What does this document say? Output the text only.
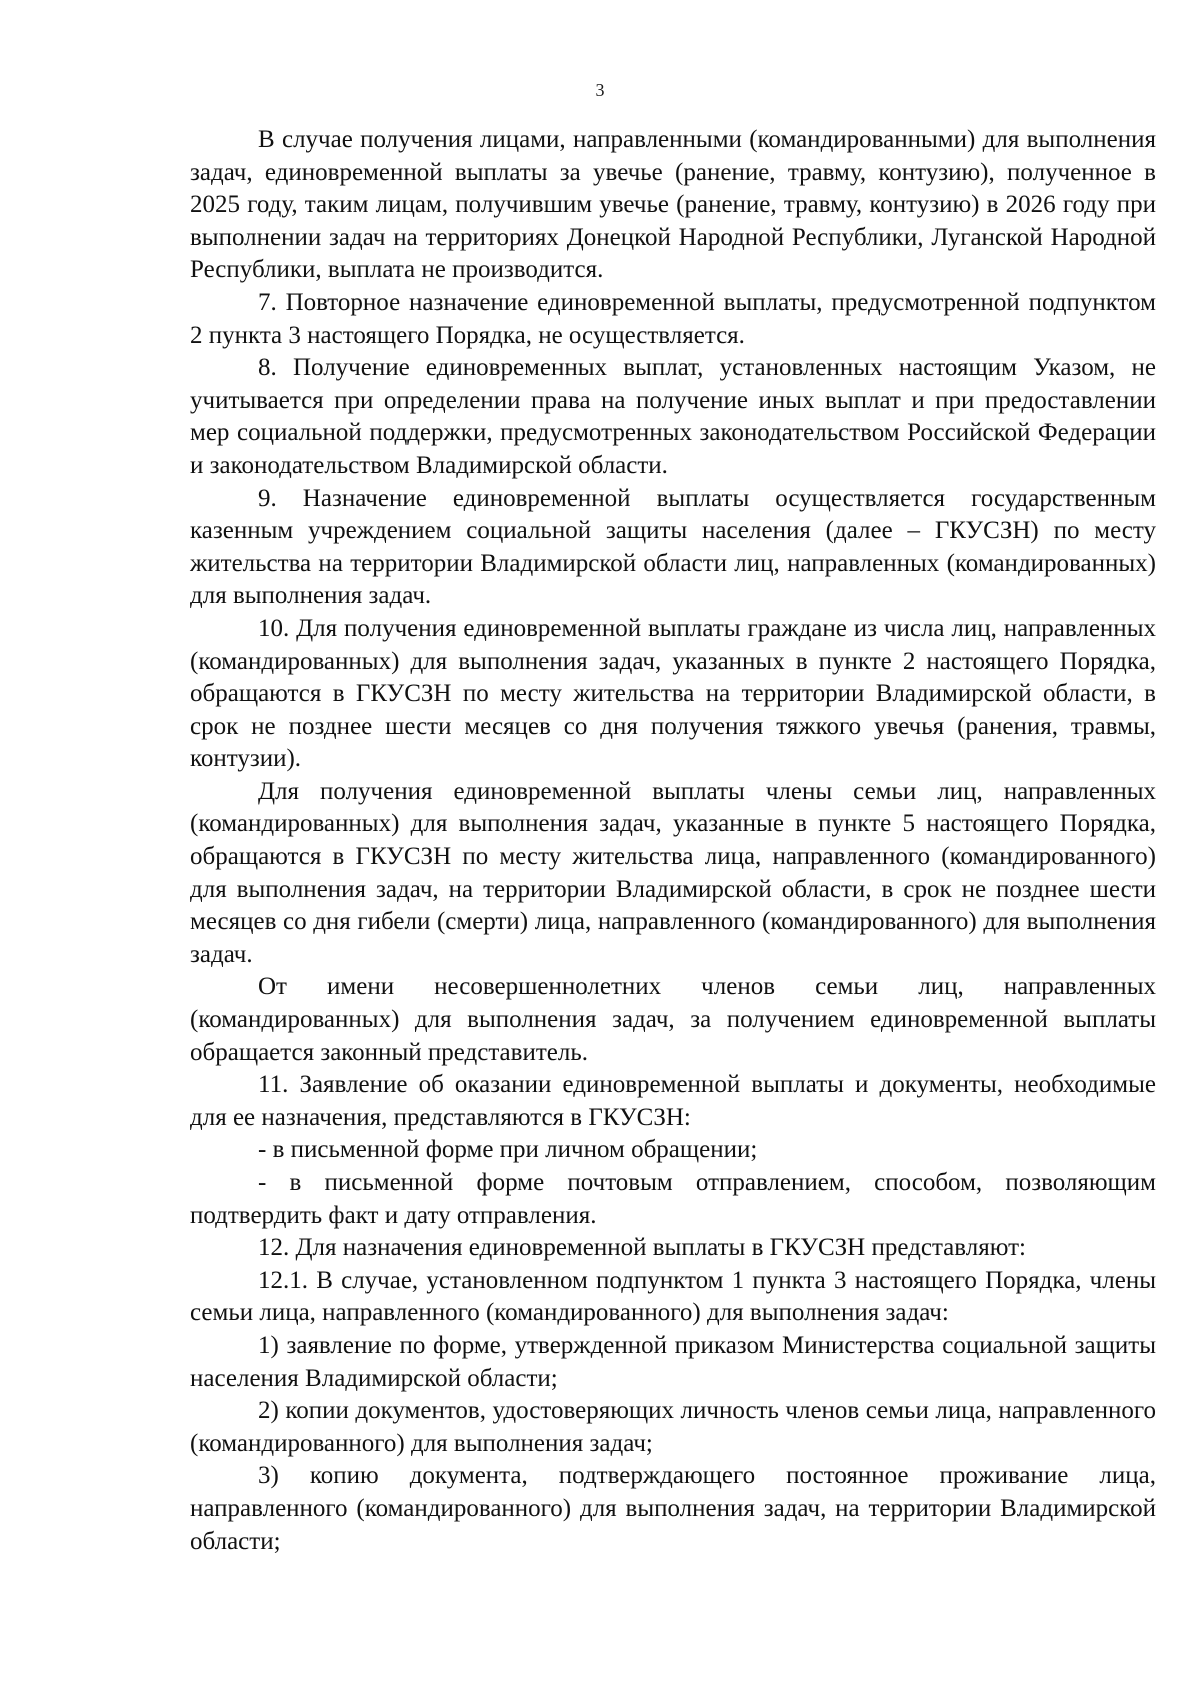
3

В случае получения лицами, направленными (командированными) для выполнения задач, единовременной выплаты за увечье (ранение, травму, контузию), полученное в 2025 году, таким лицам, получившим увечье (ранение, травму, контузию) в 2026 году при выполнении задач на территориях Донецкой Народной Республики, Луганской Народной Республики, выплата не производится.

7. Повторное назначение единовременной выплаты, предусмотренной подпунктом 2 пункта 3 настоящего Порядка, не осуществляется.

8. Получение единовременных выплат, установленных настоящим Указом, не учитывается при определении права на получение иных выплат и при предоставлении мер социальной поддержки, предусмотренных законодательством Российской Федерации и законодательством Владимирской области.

9. Назначение единовременной выплаты осуществляется государственным казенным учреждением социальной защиты населения (далее – ГКУСЗН) по месту жительства на территории Владимирской области лиц, направленных (командированных) для выполнения задач.

10. Для получения единовременной выплаты граждане из числа лиц, направленных (командированных) для выполнения задач, указанных в пункте 2 настоящего Порядка, обращаются в ГКУСЗН по месту жительства на территории Владимирской области, в срок не позднее шести месяцев со дня получения тяжкого увечья (ранения, травмы, контузии).

Для получения единовременной выплаты члены семьи лиц, направленных (командированных) для выполнения задач, указанные в пункте 5 настоящего Порядка, обращаются в ГКУСЗН по месту жительства лица, направленного (командированного) для выполнения задач, на территории Владимирской области, в срок не позднее шести месяцев со дня гибели (смерти) лица, направленного (командированного) для выполнения задач.

От имени несовершеннолетних членов семьи лиц, направленных (командированных) для выполнения задач, за получением единовременной выплаты обращается законный представитель.

11. Заявление об оказании единовременной выплаты и документы, необходимые для ее назначения, представляются в ГКУСЗН:

- в письменной форме при личном обращении;

- в письменной форме почтовым отправлением, способом, позволяющим подтвердить факт и дату отправления.

12. Для назначения единовременной выплаты в ГКУСЗН представляют:

12.1. В случае, установленном подпунктом 1 пункта 3 настоящего Порядка, члены семьи лица, направленного (командированного) для выполнения задач:

1) заявление по форме, утвержденной приказом Министерства социальной защиты населения Владимирской области;

2) копии документов, удостоверяющих личность членов семьи лица, направленного (командированного) для выполнения задач;

3) копию документа, подтверждающего постоянное проживание лица, направленного (командированного) для выполнения задач, на территории Владимирской области;
